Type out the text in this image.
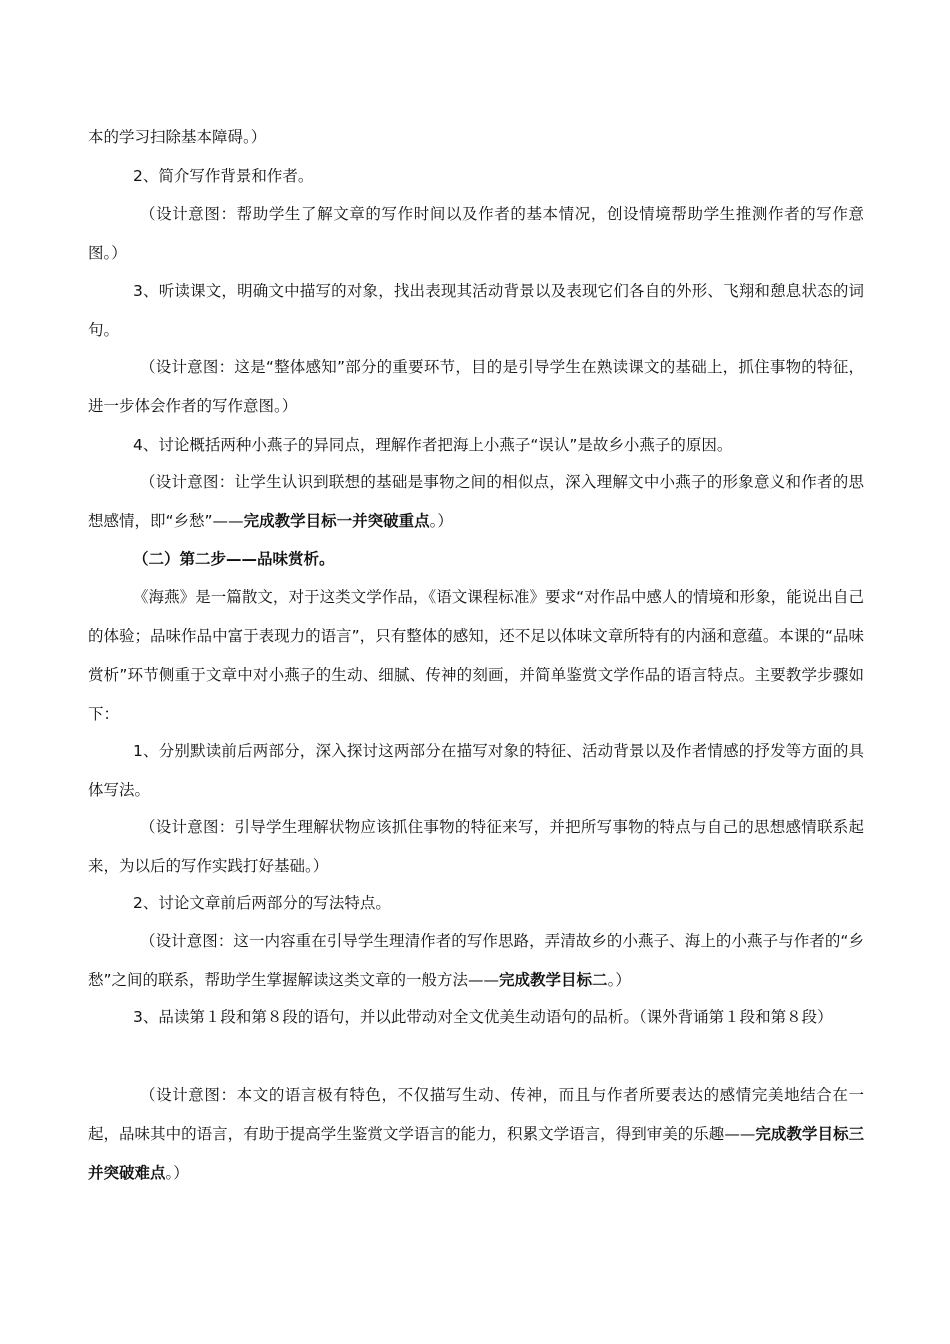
本的学习扫除基本障碍。）

2、简介写作背景和作者。

（设计意图：帮助学生了解文章的写作时间以及作者的基本情况，创设情境帮助学生推测作者的写作意图。）

3、听读课文，明确文中描写的对象，找出表现其活动背景以及表现它们各自的外形、飞翔和憩息状态的词句。

（设计意图：这是“整体感知”部分的重要环节，目的是引导学生在熟读课文的基础上，抓住事物的特征，进一步体会作者的写作意图。）

4、讨论概括两种小燕子的异同点，理解作者把海上小燕子“误认”是故乡小燕子的原因。

（设计意图：让学生认识到联想的基础是事物之间的相似点，深入理解文中小燕子的形象意义和作者的思想感情，即“乡愁”——完成教学目标一并突破重点。）

（二）第二步——品味赏析。

《海燕》是一篇散文，对于这类文学作品，《语文课程标准》要求“对作品中感人的情境和形象，能说出自己的体验；品味作品中富于表现力的语言”，只有整体的感知，还不足以体味文章所特有的内涵和意蕴。本课的“品味赏析”环节侧重于文章中对小燕子的生动、细腻、传神的刻画，并简单鉴赏文学作品的语言特点。主要教学步骤如下：

1、分别默读前后两部分，深入探讨这两部分在描写对象的特征、活动背景以及作者情感的抒发等方面的具体写法。

（设计意图：引导学生理解状物应该抓住事物的特征来写，并把所写事物的特点与自己的思想感情联系起来，为以后的写作实践打好基础。）

2、讨论文章前后两部分的写法特点。

（设计意图：这一内容重在引导学生理清作者的写作思路，弄清故乡的小燕子、海上的小燕子与作者的“乡愁”之间的联系，帮助学生掌握解读这类文章的一般方法——完成教学目标二。）

3、品读第１段和第８段的语句，并以此带动对全文优美生动语句的品析。（课外背诵第１段和第８段）

（设计意图：本文的语言极有特色，不仅描写生动、传神，而且与作者所要表达的感情完美地结合在一起，品味其中的语言，有助于提高学生鉴赏文学语言的能力，积累文学语言，得到审美的乐趣——完成教学目标三并突破难点。）
